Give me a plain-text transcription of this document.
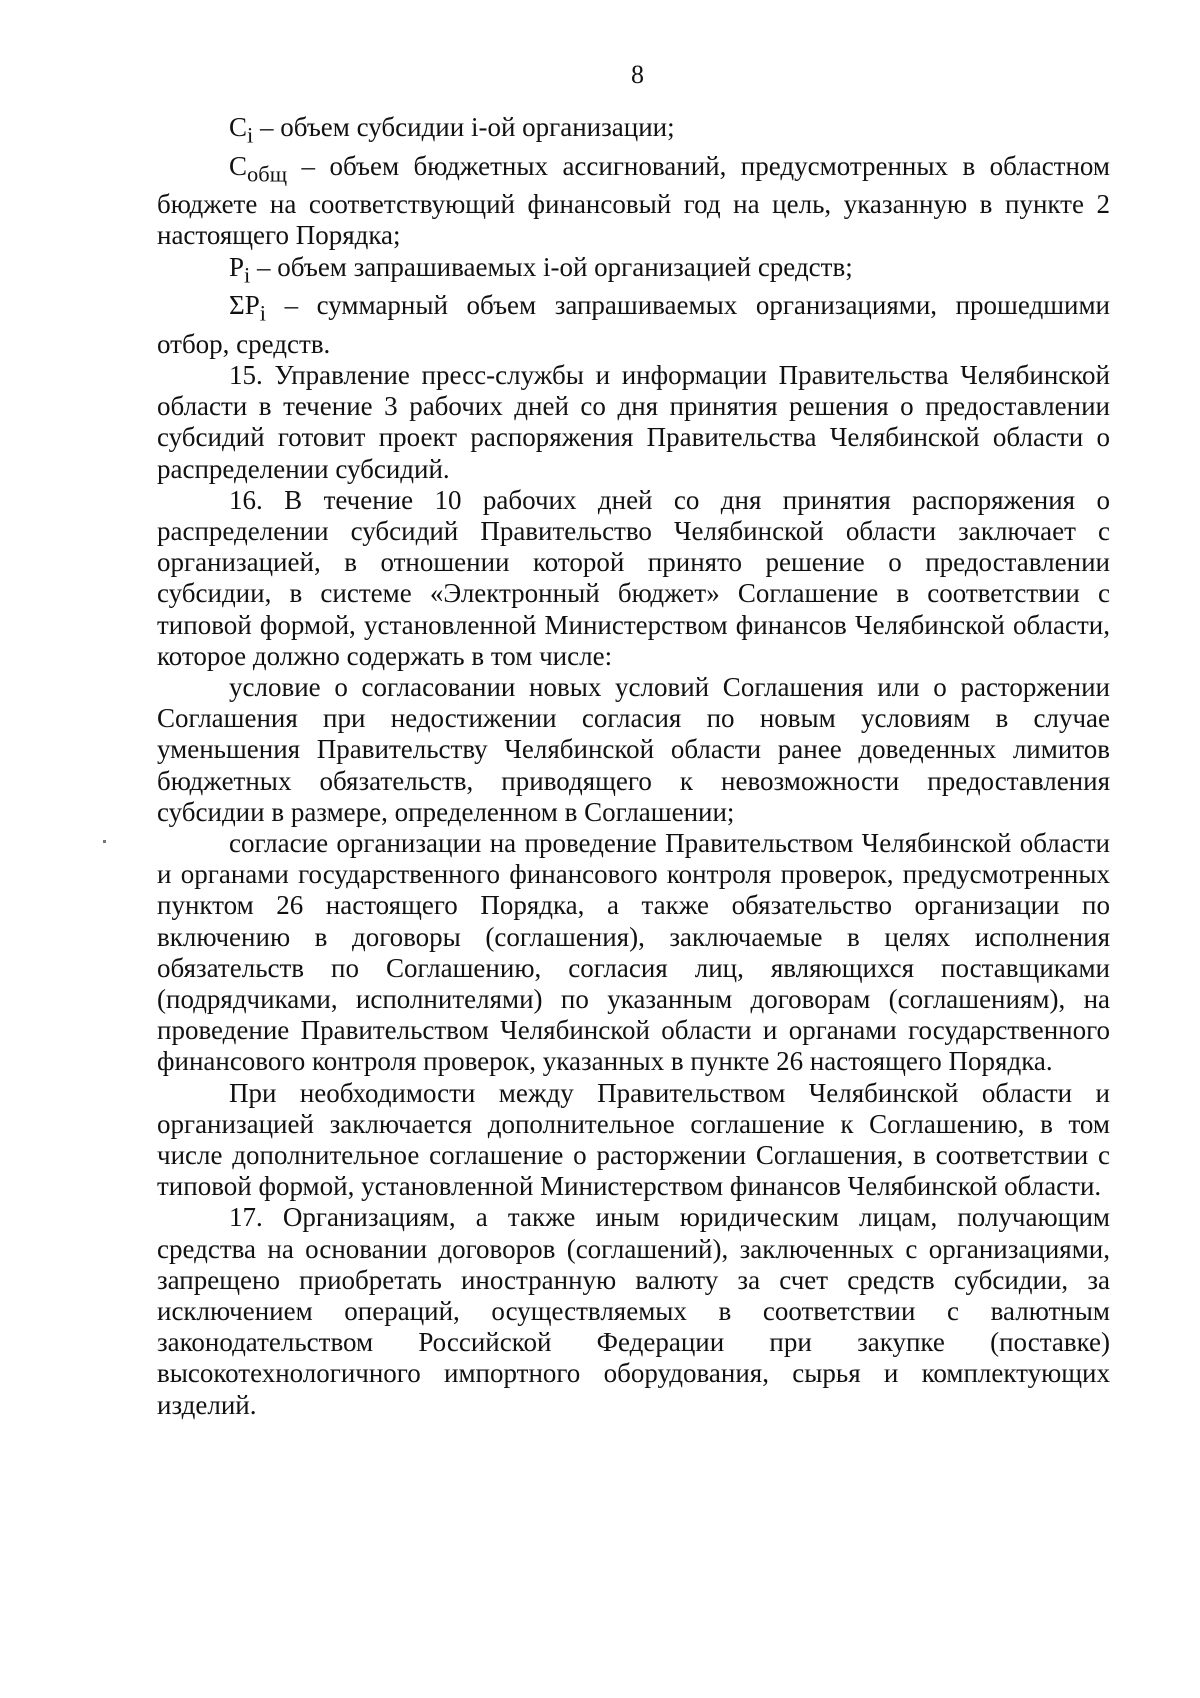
8

$C_i$ – объем субсидии i-ой организации;

$C_{общ}$ – объем бюджетных ассигнований, предусмотренных в областном бюджете на соответствующий финансовый год на цель, указанную в пункте 2 настоящего Порядка;

$P_i$ – объем запрашиваемых i-ой организацией средств;

$\Sigma P_i$ – суммарный объем запрашиваемых организациями, прошедшими отбор, средств.

15. Управление пресс-службы и информации Правительства Челябинской области в течение 3 рабочих дней со дня принятия решения о предоставлении субсидий готовит проект распоряжения Правительства Челябинской области о распределении субсидий.

16. В течение 10 рабочих дней со дня принятия распоряжения о распределении субсидий Правительство Челябинской области заключает с организацией, в отношении которой принято решение о предоставлении субсидии, в системе «Электронный бюджет» Соглашение в соответствии с типовой формой, установленной Министерством финансов Челябинской области, которое должно содержать в том числе:

условие о согласовании новых условий Соглашения или о расторжении Соглашения при недостижении согласия по новым условиям в случае уменьшения Правительству Челябинской области ранее доведенных лимитов бюджетных обязательств, приводящего к невозможности предоставления субсидии в размере, определенном в Соглашении;

согласие организации на проведение Правительством Челябинской области и органами государственного финансового контроля проверок, предусмотренных пунктом 26 настоящего Порядка, а также обязательство организации по включению в договоры (соглашения), заключаемые в целях исполнения обязательств по Соглашению, согласия лиц, являющихся поставщиками (подрядчиками, исполнителями) по указанным договорам (соглашениям), на проведение Правительством Челябинской области и органами государственного финансового контроля проверок, указанных в пункте 26 настоящего Порядка.

При необходимости между Правительством Челябинской области и организацией заключается дополнительное соглашение к Соглашению, в том числе дополнительное соглашение о расторжении Соглашения, в соответствии с типовой формой, установленной Министерством финансов Челябинской области.

17. Организациям, а также иным юридическим лицам, получающим средства на основании договоров (соглашений), заключенных с организациями, запрещено приобретать иностранную валюту за счет средств субсидии, за исключением операций, осуществляемых в соответствии с валютным законодательством Российской Федерации при закупке (поставке) высокотехнологичного импортного оборудования, сырья и комплектующих изделий.
